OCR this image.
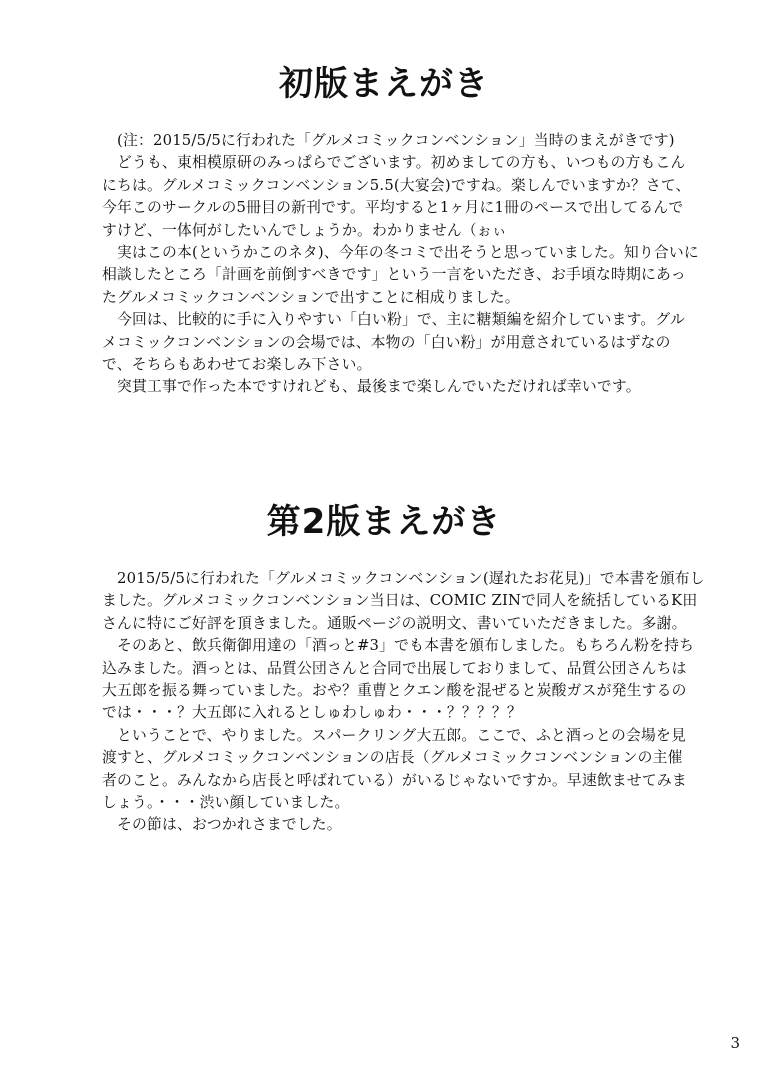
初版まえがき
　(注：2015/5/5に行われた「グルメコミックコンベンション」当時のまえがきです)
　どうも、東相模原研のみっぱらでございます。初めましての方も、いつもの方もこん
にちは。グルメコミックコンベンション5.5(大宴会)ですね。楽しんでいますか？さて、
今年このサークルの5冊目の新刊です。平均すると1ヶ月に1冊のペースで出してるんで
すけど、一体何がしたいんでしょうか。わかりません（ぉぃ
　実はこの本(というかこのネタ)、今年の冬コミで出そうと思っていました。知り合いに
相談したところ「計画を前倒すべきです」という一言をいただき、お手頃な時期にあっ
たグルメコミックコンベンションで出すことに相成りました。
　今回は、比較的に手に入りやすい「白い粉」で、主に糖類編を紹介しています。グル
メコミックコンベンションの会場では、本物の「白い粉」が用意されているはずなの
で、そちらもあわせてお楽しみ下さい。
　突貫工事で作った本ですけれども、最後まで楽しんでいただければ幸いです。
第2版まえがき
　2015/5/5に行われた「グルメコミックコンベンション(遅れたお花見)」で本書を頒布し
ました。グルメコミックコンベンション当日は、COMIC ZINで同人を統括しているK田
さんに特にご好評を頂きました。通販ページの説明文、書いていただきました。多謝。
　そのあと、飲兵衛御用達の「酒っと#3」でも本書を頒布しました。もちろん粉を持ち
込みました。酒っとは、品質公団さんと合同で出展しておりまして、品質公団さんちは
大五郎を振る舞っていました。おや？重曹とクエン酸を混ぜると炭酸ガスが発生するの
では・・・？大五郎に入れるとしゅわしゅわ・・・？？？？？
　ということで、やりました。スパークリング大五郎。ここで、ふと酒っとの会場を見
渡すと、グルメコミックコンベンションの店長（グルメコミックコンベンションの主催
者のこと。みんなから店長と呼ばれている）がいるじゃないですか。早速飲ませてみま
しょう。・・・渋い顔していました。
　その節は、おつかれさまでした。
3
